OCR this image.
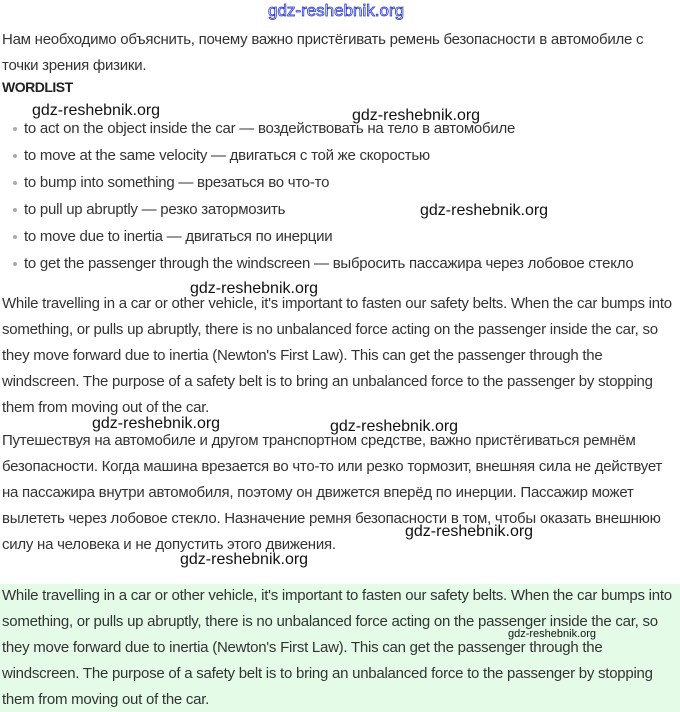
Нам необходимо объяснить, почему важно пристёгивать ремень безопасности в автомобиле с точки зрения физики.

WORDLIST
to act on the object inside the car — воздействовать на тело в автомобиле
to move at the same velocity — двигаться с той же скоростью
to bump into something — врезаться во что-то
to pull up abruptly — резко затормозить
to move due to inertia — двигаться по инерции
to get the passenger through the windscreen — выбросить пассажира через лобовое стекло

While travelling in a car or other vehicle, it's important to fasten our safety belts. When the car bumps into something, or pulls up abruptly, there is no unbalanced force acting on the passenger inside the car, so they move forward due to inertia (Newton's First Law). This can get the passenger through the windscreen. The purpose of a safety belt is to bring an unbalanced force to the passenger by stopping them from moving out of the car.

Путешествуя на автомобиле и другом транспортном средстве, важно пристёгиваться ремнём безопасности. Когда машина врезается во что-то или резко тормозит, внешняя сила не действует на пассажира внутри автомобиля, поэтому он движется вперёд по инерции. Пассажир может вылететь через лобовое стекло. Назначение ремня безопасности в том, чтобы оказать внешнюю силу на человека и не допустить этого движения.

While travelling in a car or other vehicle, it's important to fasten our safety belts. When the car bumps into something, or pulls up abruptly, there is no unbalanced force acting on the passenger inside the car, so they move forward due to inertia (Newton's First Law). This can get the passenger through the windscreen. The purpose of a safety belt is to bring an unbalanced force to the passenger by stopping them from moving out of the car.

gdz-reshebnik.org
gdz-reshebnik.org	gdz-reshebnik.org
gdz-reshebnik.org
gdz-reshebnik.org
gdz-reshebnik.org	gdz-reshebnik.org
gdz-reshebnik.org
gdz-reshebnik.org
gdz-reshebnik.org
